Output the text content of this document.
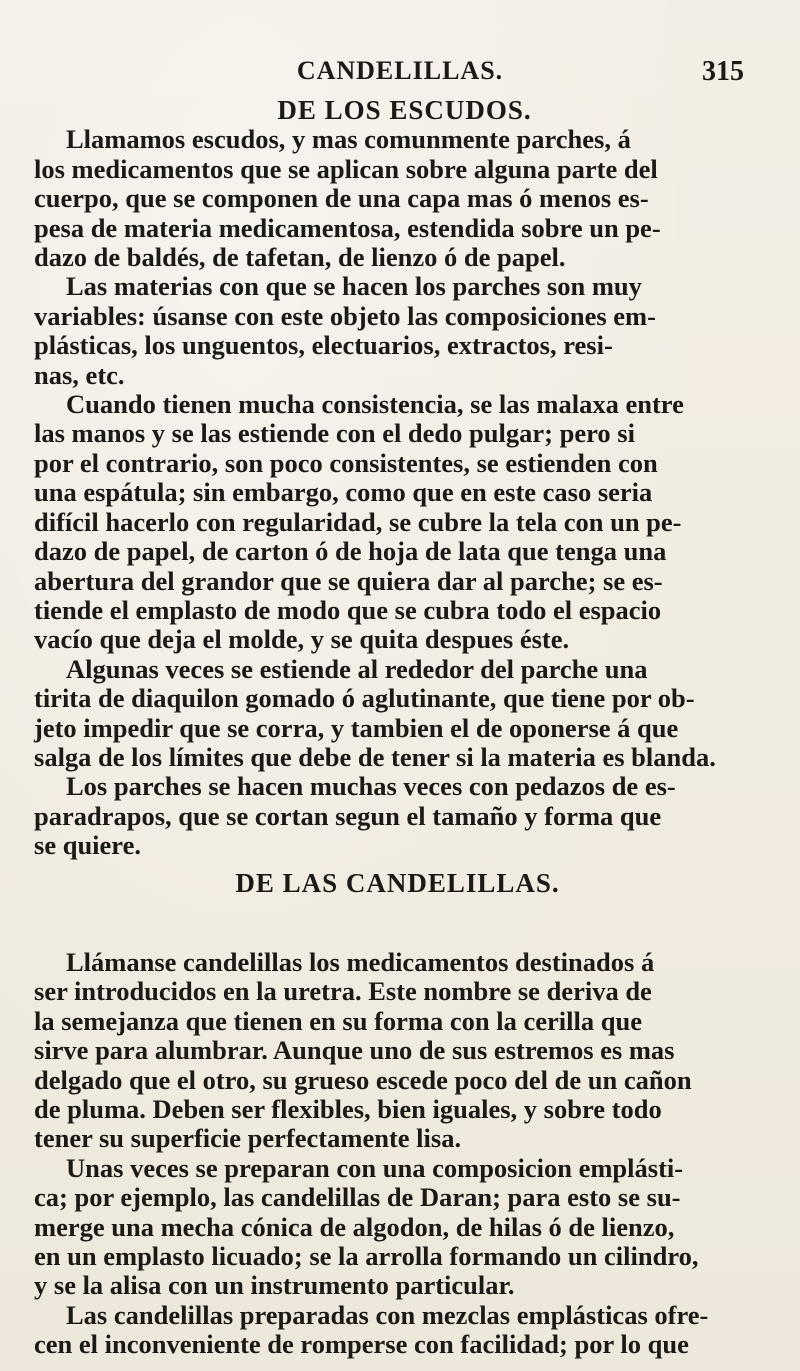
CANDELILLAS.	315
DE LOS ESCUDOS.

Llamamos escudos, y mas comunmente parches, á
los medicamentos que se aplican sobre alguna parte del
cuerpo, que se componen de una capa mas ó menos es-
pesa de materia medicamentosa, estendida sobre un pe-
dazo de baldés, de tafetan, de lienzo ó de papel.

Las materias con que se hacen los parches son muy
variables: úsanse con este objeto las composiciones em-
plásticas, los unguentos, electuarios, extractos, resi-
nas, etc.

Cuando tienen mucha consistencia, se las malaxa entre
las manos y se las estiende con el dedo pulgar; pero si
por el contrario, son poco consistentes, se estienden con
una espátula; sin embargo, como que en este caso seria
difícil hacerlo con regularidad, se cubre la tela con un pe-
dazo de papel, de carton ó de hoja de lata que tenga una
abertura del grandor que se quiera dar al parche; se es-
tiende el emplasto de modo que se cubra todo el espacio
vacío que deja el molde, y se quita despues éste.

Algunas veces se estiende al rededor del parche una
tirita de diaquilon gomado ó aglutinante, que tiene por ob-
jeto impedir que se corra, y tambien el de oponerse á que
salga de los límites que debe de tener si la materia es blanda.

Los parches se hacen muchas veces con pedazos de es-
paradrapos, que se cortan segun el tamaño y forma que
se quiere.

DE LAS CANDELILLAS.

Llámanse candelillas los medicamentos destinados á
ser introducidos en la uretra. Este nombre se deriva de
la semejanza que tienen en su forma con la cerilla que
sirve para alumbrar. Aunque uno de sus estremos es mas
delgado que el otro, su grueso escede poco del de un cañon
de pluma. Deben ser flexibles, bien iguales, y sobre todo
tener su superficie perfectamente lisa.

Unas veces se preparan con una composicion emplásti-
ca; por ejemplo, las candelillas de Daran; para esto se su-
merge una mecha cónica de algodon, de hilas ó de lienzo,
en un emplasto licuado; se la arrolla formando un cilindro,
y se la alisa con un instrumento particular.

Las candelillas preparadas con mezclas emplásticas ofre-
cen el inconveniente de romperse con facilidad; por lo que
